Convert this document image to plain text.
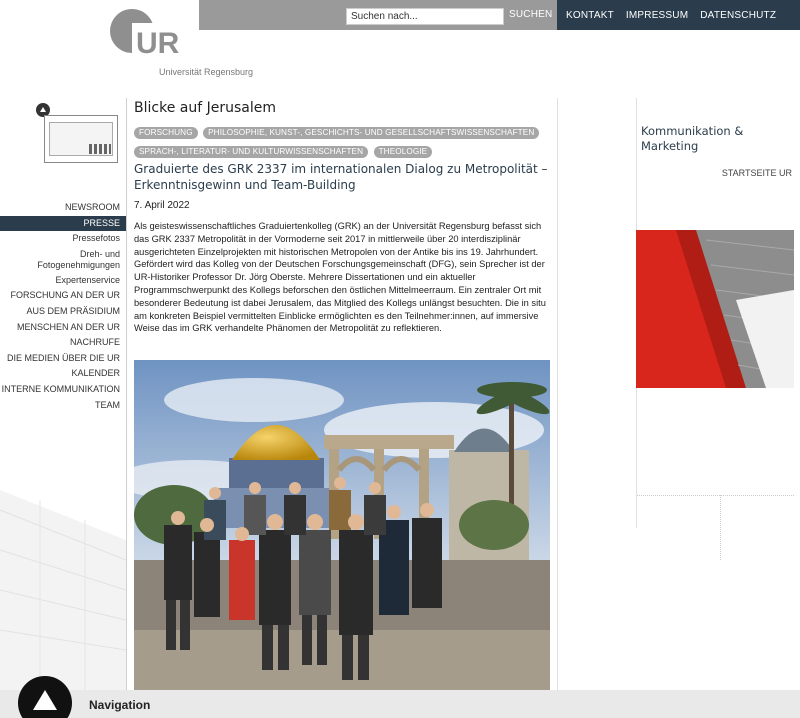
Suchen nach...
SUCHEN KONTAKT IMPRESSUM DATENSCHUTZ
UR
Universität Regensburg
STARTSEITE UR
NEWSROOM
PRESSE
Pressefotos
Dreh- und Fotogenehmigungen
Expertenservice
FORSCHUNG AN DER UR
AUS DEM PRÄSIDIUM
MENSCHEN AN DER UR
NACHRUFE
DIE MEDIEN ÜBER DIE UR
KALENDER
INTERNE KOMMUNIKATION
TEAM
Blicke auf Jerusalem
FORSCHUNG PHILOSOPHIE, KUNST-, GESCHICHTS- UND GESELLSCHAFTSWISSENSCHAFTEN SPRACH-, LITERATUR- UND KULTURWISSENSCHAFTEN THEOLOGIE
Graduierte des GRK 2337 im internationalen Dialog zu Metropolität – Erkenntnisgewinn und Team-Building
7. April 2022

Als geisteswissenschaftliches Graduiertenkolleg (GRK) an der Universität Regensburg befasst sich das GRK 2337 Metropolität in der Vormoderne seit 2017 in mittlerweile über 20 interdisziplinär ausgerichteten Einzelprojekten mit historischen Metropolen von der Antike bis ins 19. Jahrhundert. Gefördert wird das Kolleg von der Deutschen Forschungsgemeinschaft (DFG), sein Sprecher ist der UR-Historiker Professor Dr. Jörg Oberste. Mehrere Dissertationen und ein aktueller Programmschwerpunkt des Kollegs beforschen den östlichen Mittelmeerraum. Ein zentraler Ort mit besonderer Bedeutung ist dabei Jerusalem, das Mitglied des Kollegs unlängst besuchten. Die in situ am konkreten Beispiel vermittelten Einblicke ermöglichten es den Teilnehmer:innen, auf immersive Weise das im GRK verhandelte Phänomen der Metropolität zu reflektieren.

Kommunikation & Marketing
Navigation
